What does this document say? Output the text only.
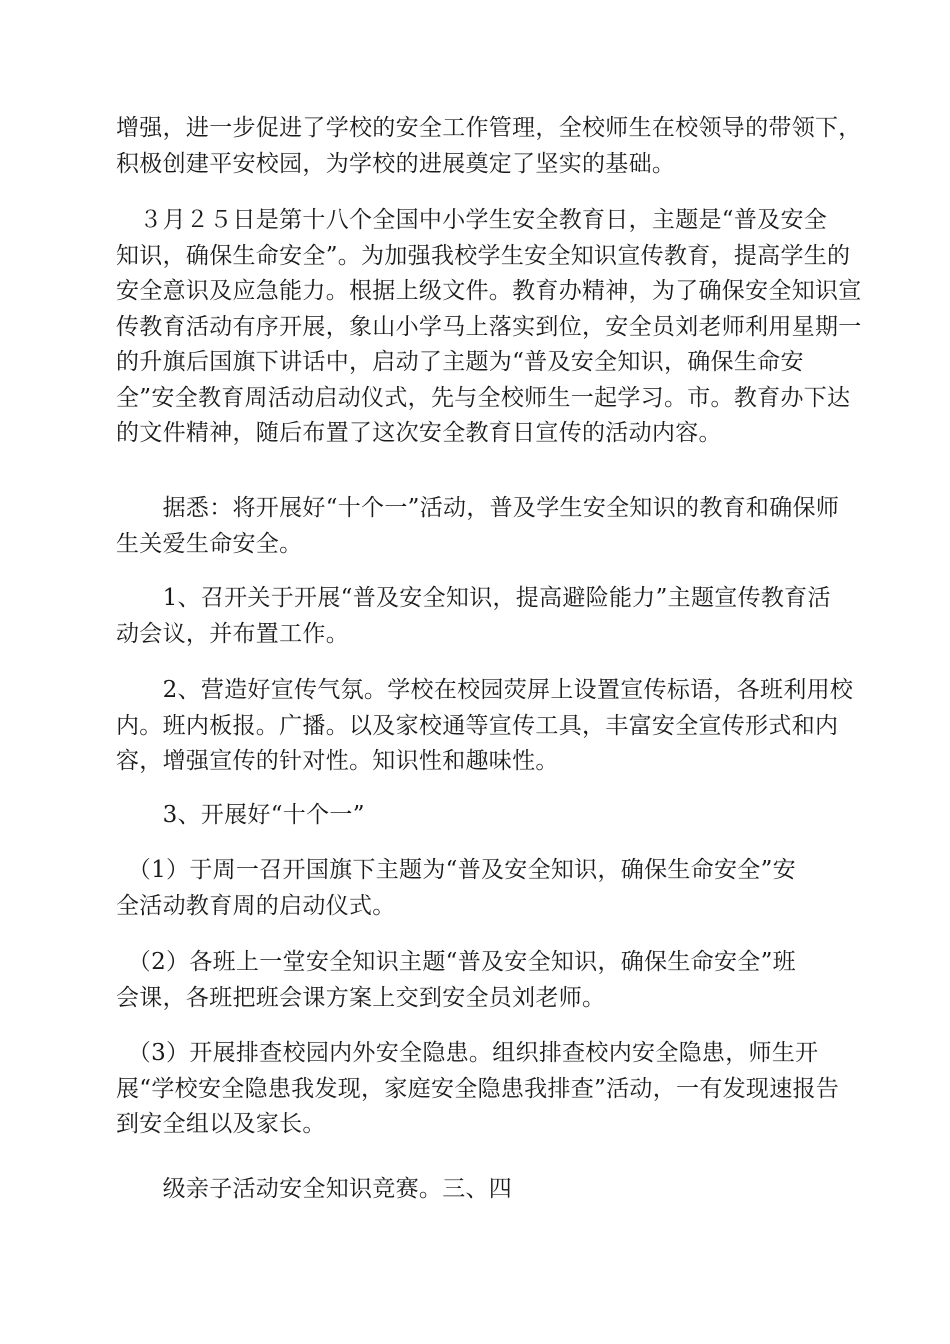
增强，进一步促进了学校的安全工作管理，全校师生在校领导的带领下，
积极创建平安校园，为学校的进展奠定了坚实的基础。

　３月２５日是第十八个全国中小学生安全教育日，主题是“普及安全
知识，确保生命安全”。为加强我校学生安全知识宣传教育，提高学生的
安全意识及应急能力。根据上级文件。教育办精神，为了确保安全知识宣
传教育活动有序开展，象山小学马上落实到位，安全员刘老师利用星期一
的升旗后国旗下讲话中，启动了主题为“普及安全知识，确保生命安
全”安全教育周活动启动仪式，先与全校师生一起学习。市。教育办下达
的文件精神，随后布置了这次安全教育日宣传的活动内容。

　　据悉：将开展好“十个一”活动，普及学生安全知识的教育和确保师
生关爱生命安全。

　　1、召开关于开展“普及安全知识，提高避险能力”主题宣传教育活
动会议，并布置工作。

　　2、营造好宣传气氛。学校在校园荧屏上设置宣传标语，各班利用校
内。班内板报。广播。以及家校通等宣传工具，丰富安全宣传形式和内
容，增强宣传的针对性。知识性和趣味性。

　　3、开展好“十个一”

　（1）于周一召开国旗下主题为“普及安全知识，确保生命安全”安
全活动教育周的启动仪式。

　（2）各班上一堂安全知识主题“普及安全知识，确保生命安全”班
会课，各班把班会课方案上交到安全员刘老师。

　（3）开展排查校园内外安全隐患。组织排查校内安全隐患，师生开
展“学校安全隐患我发现，家庭安全隐患我排查”活动，一有发现速报告
到安全组以及家长。

　　级亲子活动安全知识竞赛。三、四
